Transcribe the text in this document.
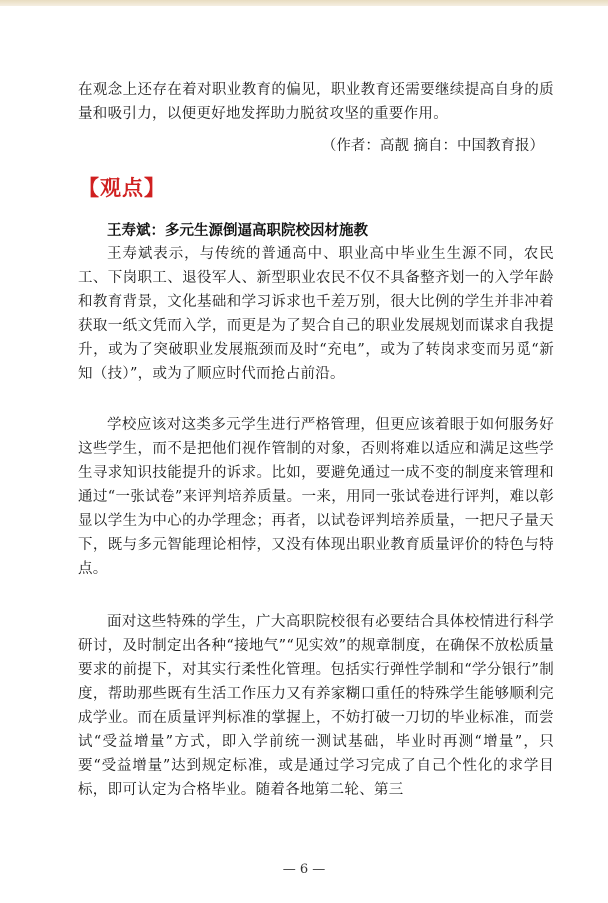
在观念上还存在着对职业教育的偏见，职业教育还需要继续提高自身的质量和吸引力，以便更好地发挥助力脱贫攻坚的重要作用。

（作者：高靓 摘自：中国教育报）
【观点】
王寿斌：多元生源倒逼高职院校因材施教

王寿斌表示，与传统的普通高中、职业高中毕业生生源不同，农民工、下岗职工、退役军人、新型职业农民不仅不具备整齐划一的入学年龄和教育背景，文化基础和学习诉求也千差万别，很大比例的学生并非冲着获取一纸文凭而入学，而更是为了契合自己的职业发展规划而谋求自我提升，或为了突破职业发展瓶颈而及时“充电”，或为了转岗求变而另觅“新知（技）”，或为了顺应时代而抢占前沿。

学校应该对这类多元学生进行严格管理，但更应该着眼于如何服务好这些学生，而不是把他们视作管制的对象，否则将难以适应和满足这些学生寻求知识技能提升的诉求。比如，要避免通过一成不变的制度来管理和通过“一张试卷”来评判培养质量。一来，用同一张试卷进行评判，难以彰显以学生为中心的办学理念；再者，以试卷评判培养质量，一把尺子量天下，既与多元智能理论相悖，又没有体现出职业教育质量评价的特色与特点。

面对这些特殊的学生，广大高职院校很有必要结合具体校情进行科学研讨，及时制定出各种“接地气”“见实效”的规章制度，在确保不放松质量要求的前提下，对其实行柔性化管理。包括实行弹性学制和“学分银行”制度，帮助那些既有生活工作压力又有养家糊口重任的特殊学生能够顺利完成学业。而在质量评判标准的掌握上，不妨打破一刀切的毕业标准，而尝试“受益增量”方式，即入学前统一测试基础，毕业时再测“增量”，只要“受益增量”达到规定标准，或是通过学习完成了自己个性化的求学目标，即可认定为合格毕业。随着各地第二轮、第三

— 6 —
